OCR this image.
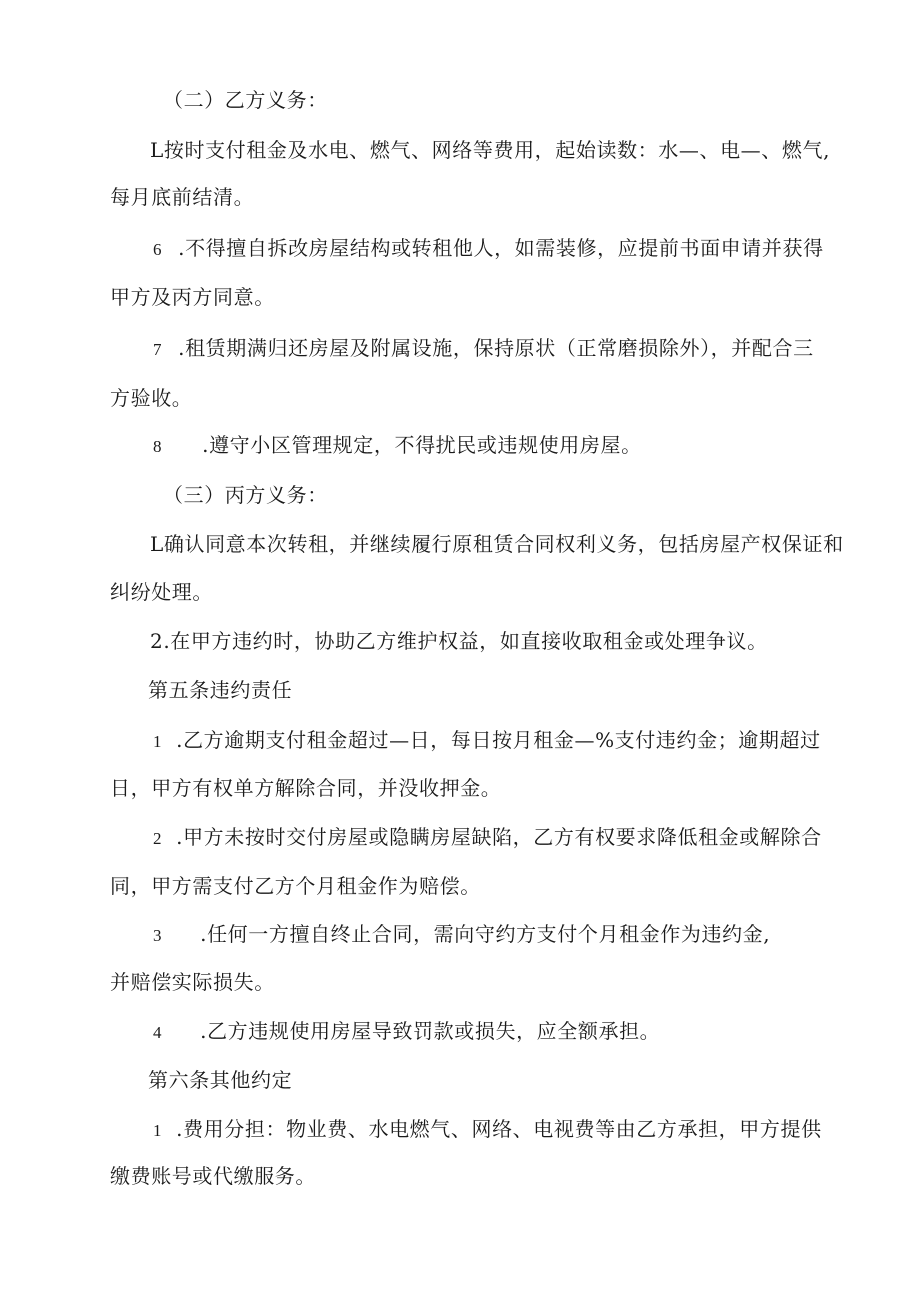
（二）乙方义务：
L按时支付租金及水电、燃气、网络等费用，起始读数：水—、电—、燃气,
每月底前结清。
6 .不得擅自拆改房屋结构或转租他人，如需装修，应提前书面申请并获得
甲方及丙方同意。
7 .租赁期满归还房屋及附属设施，保持原状（正常磨损除外），并配合三
方验收。
8 .遵守小区管理规定，不得扰民或违规使用房屋。
（三）丙方义务：
L确认同意本次转租，并继续履行原租赁合同权利义务，包括房屋产权保证和
纠纷处理。
2.在甲方违约时，协助乙方维护权益，如直接收取租金或处理争议。
第五条违约责任
1 .乙方逾期支付租金超过—日，每日按月租金—%支付违约金；逾期超过
日，甲方有权单方解除合同，并没收押金。
2 .甲方未按时交付房屋或隐瞒房屋缺陷，乙方有权要求降低租金或解除合
同，甲方需支付乙方个月租金作为赔偿。
3 .任何一方擅自终止合同，需向守约方支付个月租金作为违约金,
并赔偿实际损失。
4 .乙方违规使用房屋导致罚款或损失，应全额承担。
第六条其他约定
1 .费用分担：物业费、水电燃气、网络、电视费等由乙方承担，甲方提供
缴费账号或代缴服务。
